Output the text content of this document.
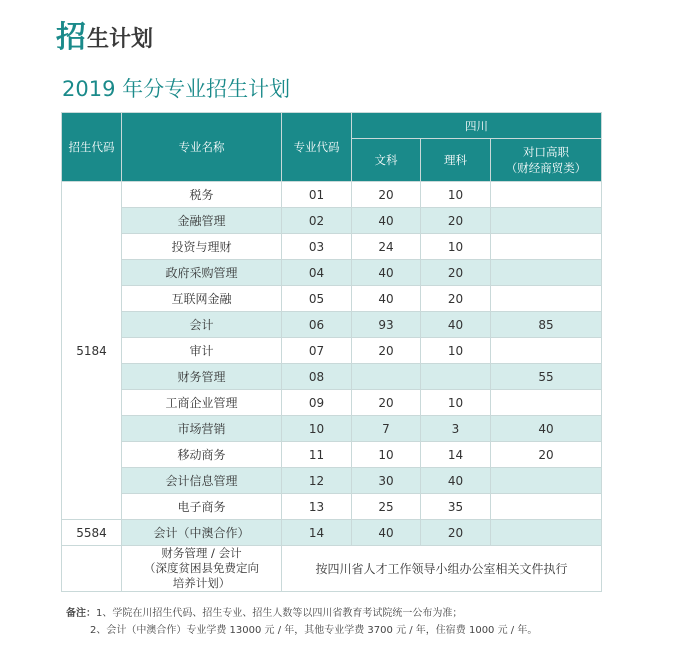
招 生计划
2019 年分专业招生计划
招生代码	专业名称	专业代码	四川		
			文科	理科	对口高职
（财经商贸类）

5184	税务	01	20	10	
	金融管理	02	40	20	
	投资与理财	03	24	10	
	政府采购管理	04	40	20	
	互联网金融	05	40	20	
	会计	06	93	40	85
	审计	07	20	10	
	财务管理	08			55
	工商企业管理	09	20	10	
	市场营销	10	7	3	40
	移动商务	11	10	14	20
	会计信息管理	12	30	40	
	电子商务	13	25	35	
5584	会计（中澳合作）	14	40	20	

	财务管理 / 会计
（深度贫困县免费定向
培养计划）	按四川省人才工作领导小组办公室相关文件执行			
备注：1、学院在川招生代码、招生专业、招生人数等以四川省教育考试院统一公布为准；
2、会计（中澳合作）专业学费 13000 元 / 年，其他专业学费 3700 元 / 年，住宿费 1000 元 / 年。
